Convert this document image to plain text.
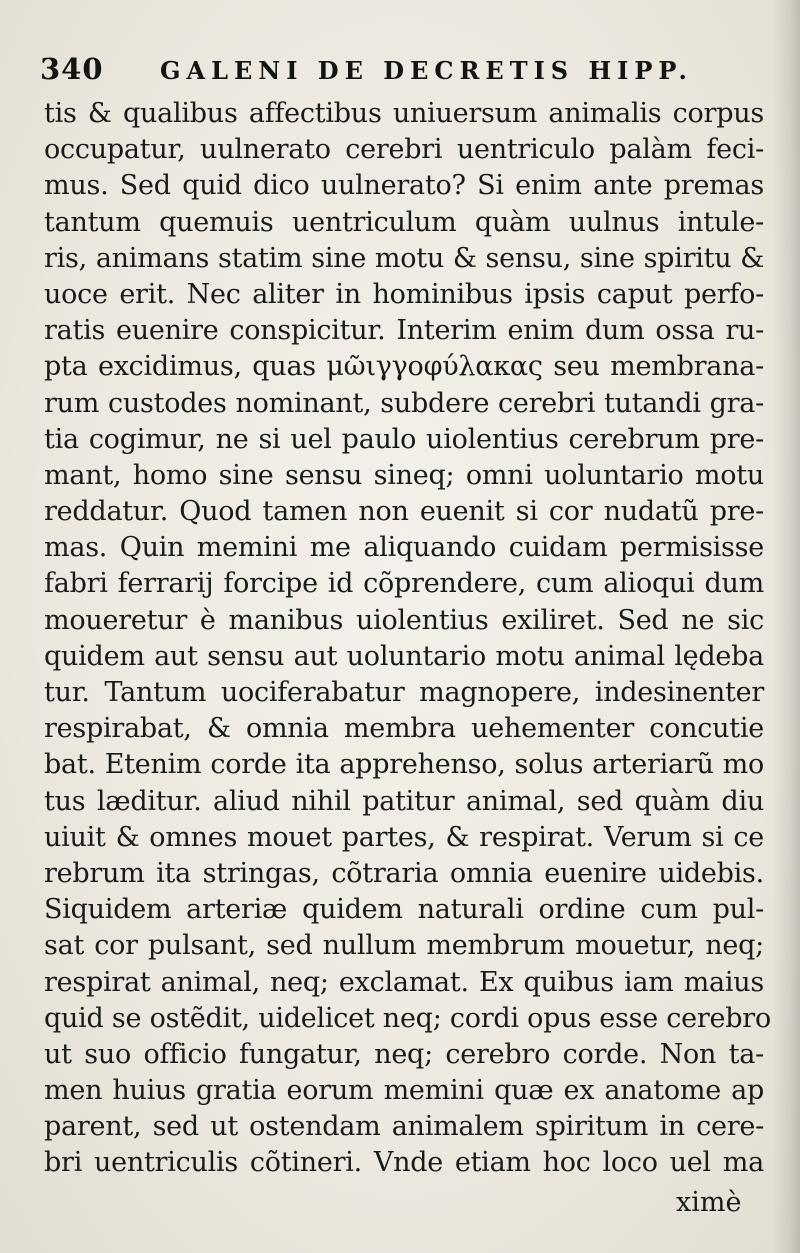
340 GALENI DE DECRETIS HIPP.
tis & qualibus affectibus uniuersum animalis corpus
occupatur, uulnerato cerebri uentriculo palàm feci-
mus. Sed quid dico uulnerato? Si enim ante premas
tantum quemuis uentriculum quàm uulnus intule-
ris, animans statim sine motu & sensu, sine spiritu &
uoce erit. Nec aliter in hominibus ipsis caput perfo-
ratis euenire conspicitur. Interim enim dum ossa ru-
pta excidimus, quas μῶιγγοφύλακας seu membrana-
rum custodes nominant, subdere cerebri tutandi gra-
tia cogimur, ne si uel paulo uiolentius cerebrum pre-
mant, homo sine sensu sineq; omni uoluntario motu
reddatur. Quod tamen non euenit si cor nudatũ pre-
mas. Quin memini me aliquando cuidam permisisse
fabri ferrarij forcipe id cõprendere, cum alioqui dum
moueretur è manibus uiolentius exiliret. Sed ne sic
quidem aut sensu aut uoluntario motu animal lędeba
tur. Tantum uociferabatur magnopere, indesinenter
respirabat, & omnia membra uehementer concutie
bat. Etenim corde ita apprehenso, solus arteriarũ mo
tus læditur. aliud nihil patitur animal, sed quàm diu
uiuit & omnes mouet partes, & respirat. Verum si ce
rebrum ita stringas, cõtraria omnia euenire uidebis.
Siquidem arteriæ quidem naturali ordine cum pul-
sat cor pulsant, sed nullum membrum mouetur, neq;
respirat animal, neq; exclamat. Ex quibus iam maius
quid se ostẽdit, uidelicet neq; cordi opus esse cerebro
ut suo officio fungatur, neq; cerebro corde. Non ta-
men huius gratia eorum memini quæ ex anatome ap
parent, sed ut ostendam animalem spiritum in cere-
bri uentriculis cõtineri. Vnde etiam hoc loco uel ma
ximè
